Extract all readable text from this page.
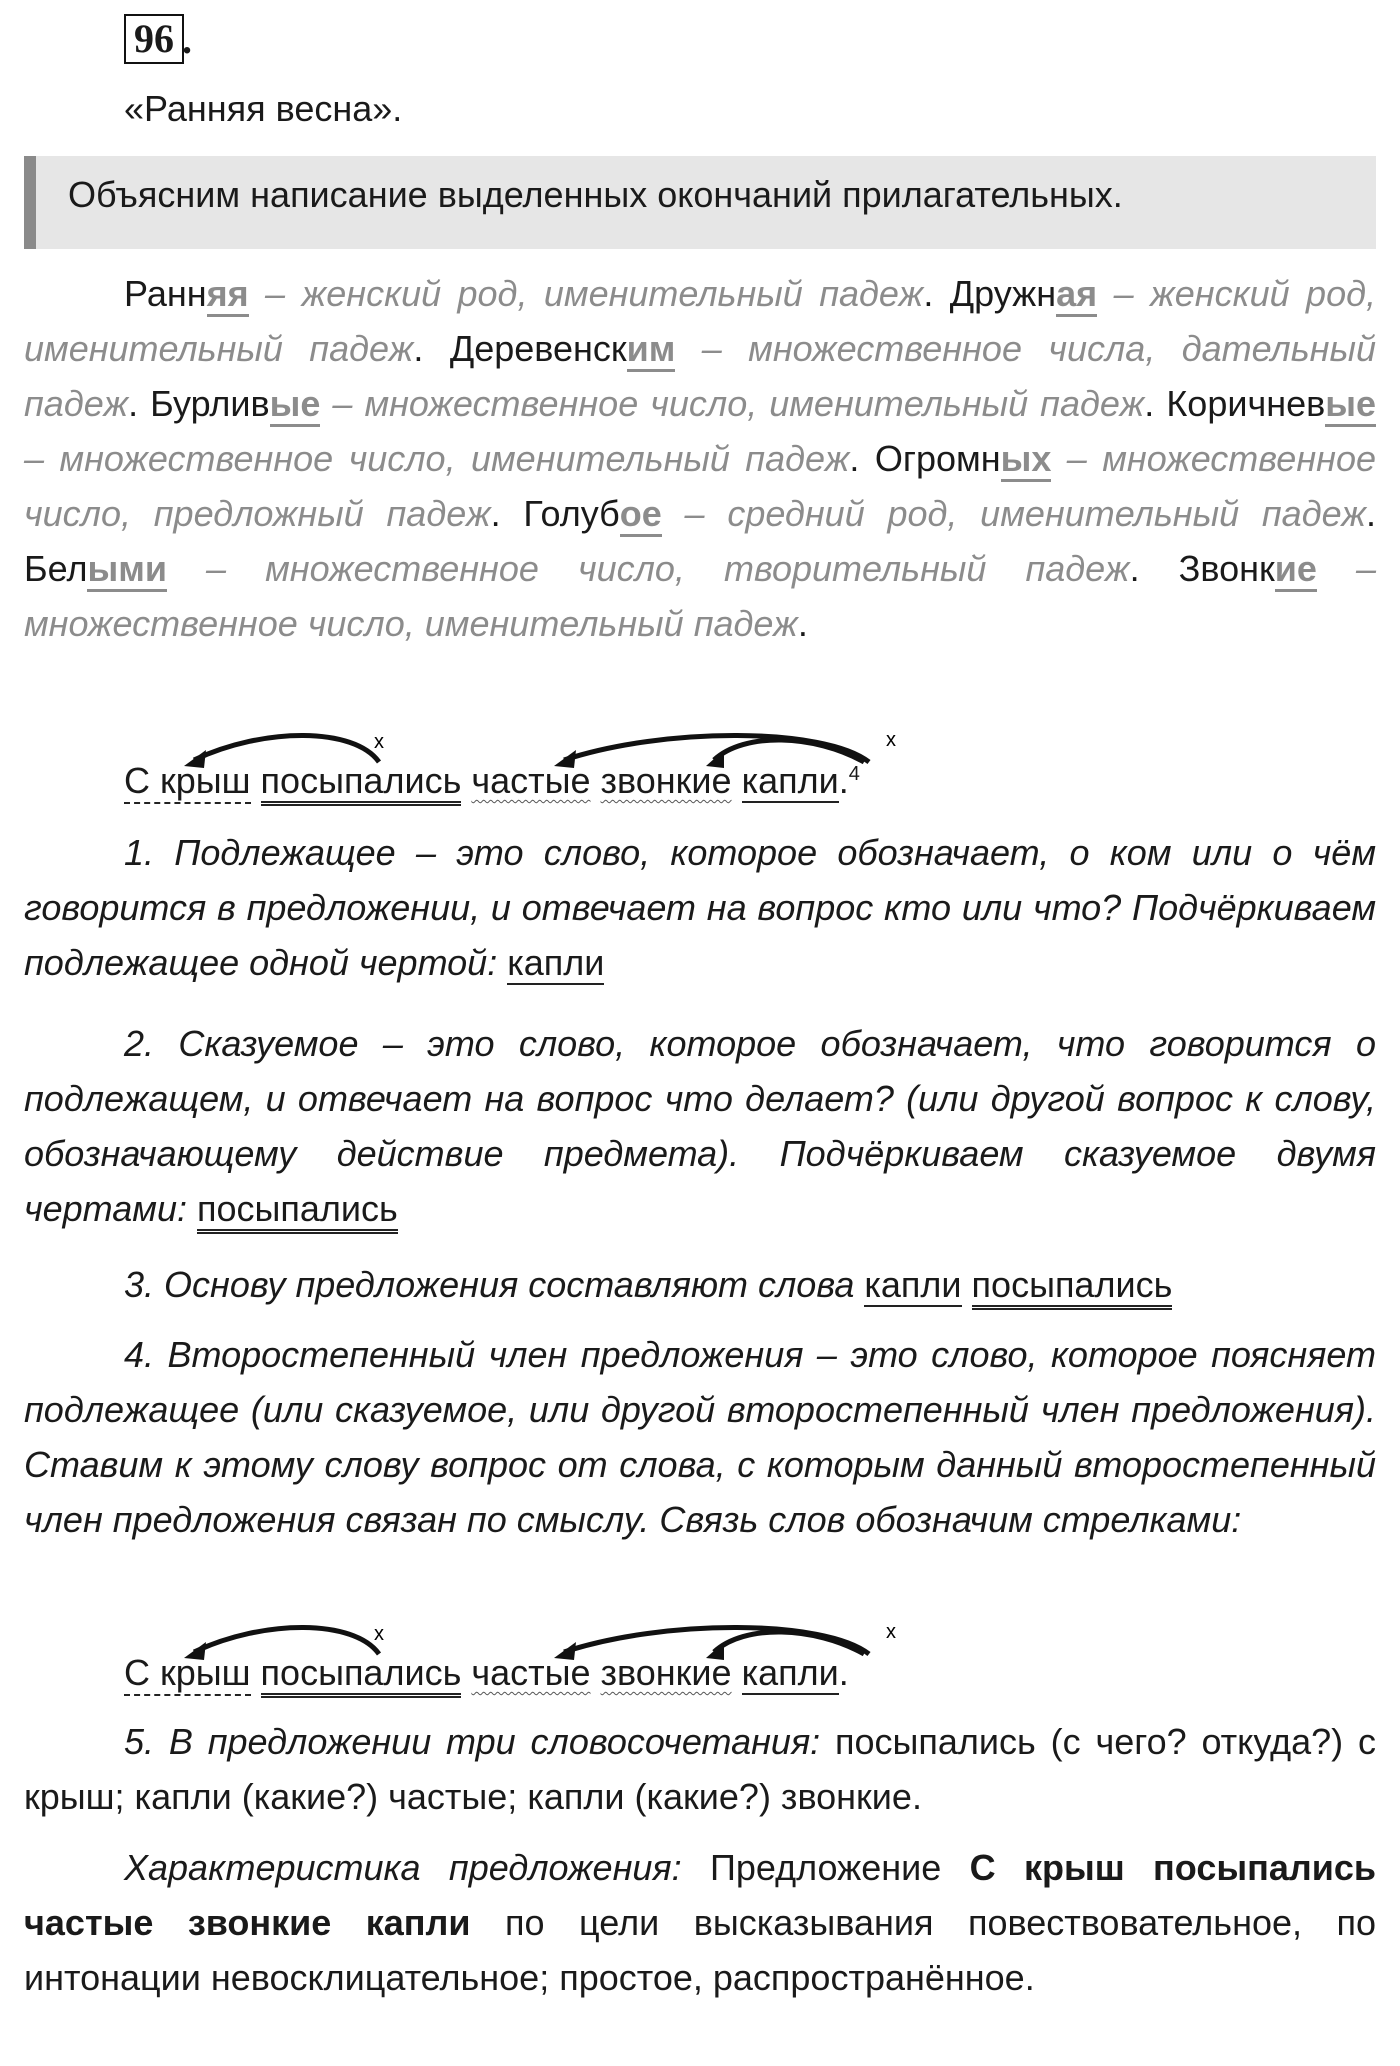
96 .
«Ранняя весна».
Объясним написание выделенных окончаний прилагательных.

Ранняя – женский род, именительный падеж. Дружная – женский род, именительный падеж. Деревенским – множественное числа, дательный падеж. Бурливые – множественное число, именительный падеж. Коричневые – множественное число, именительный падеж. Огромных – множественное число, предложный падеж. Голубое – средний род, именительный падеж. Белыми – множественное число, творительный падеж. Звонкие – множественное число, именительный падеж.

х	х
С крыш посыпались частые звонкие капли.$^4$

1. Подлежащее – это слово, которое обозначает, о ком или о чём говорится в предложении, и отвечает на вопрос кто или что? Подчёркиваем подлежащее одной чертой: капли

2. Сказуемое – это слово, которое обозначает, что говорится о подлежащем, и отвечает на вопрос что делает? (или другой вопрос к слову, обозначающему действие предмета). Подчёркиваем сказуемое двумя чертами: посыпались

3. Основу предложения составляют слова капли посыпались

4. Второстепенный член предложения – это слово, которое поясняет подлежащее (или сказуемое, или другой второстепенный член предложения). Ставим к этому слову вопрос от слова, с которым данный второстепенный член предложения связан по смыслу. Связь слов обозначим стрелками:

х	х
С крыш посыпались частые звонкие капли.

5. В предложении три словосочетания: посыпались (с чего? откуда?) с крыш; капли (какие?) частые; капли (какие?) звонкие.

Характеристика предложения: Предложение С крыш посыпались частые звонкие капли по цели высказывания повествовательное, по интонации невосклицательное; простое, распространённое.
